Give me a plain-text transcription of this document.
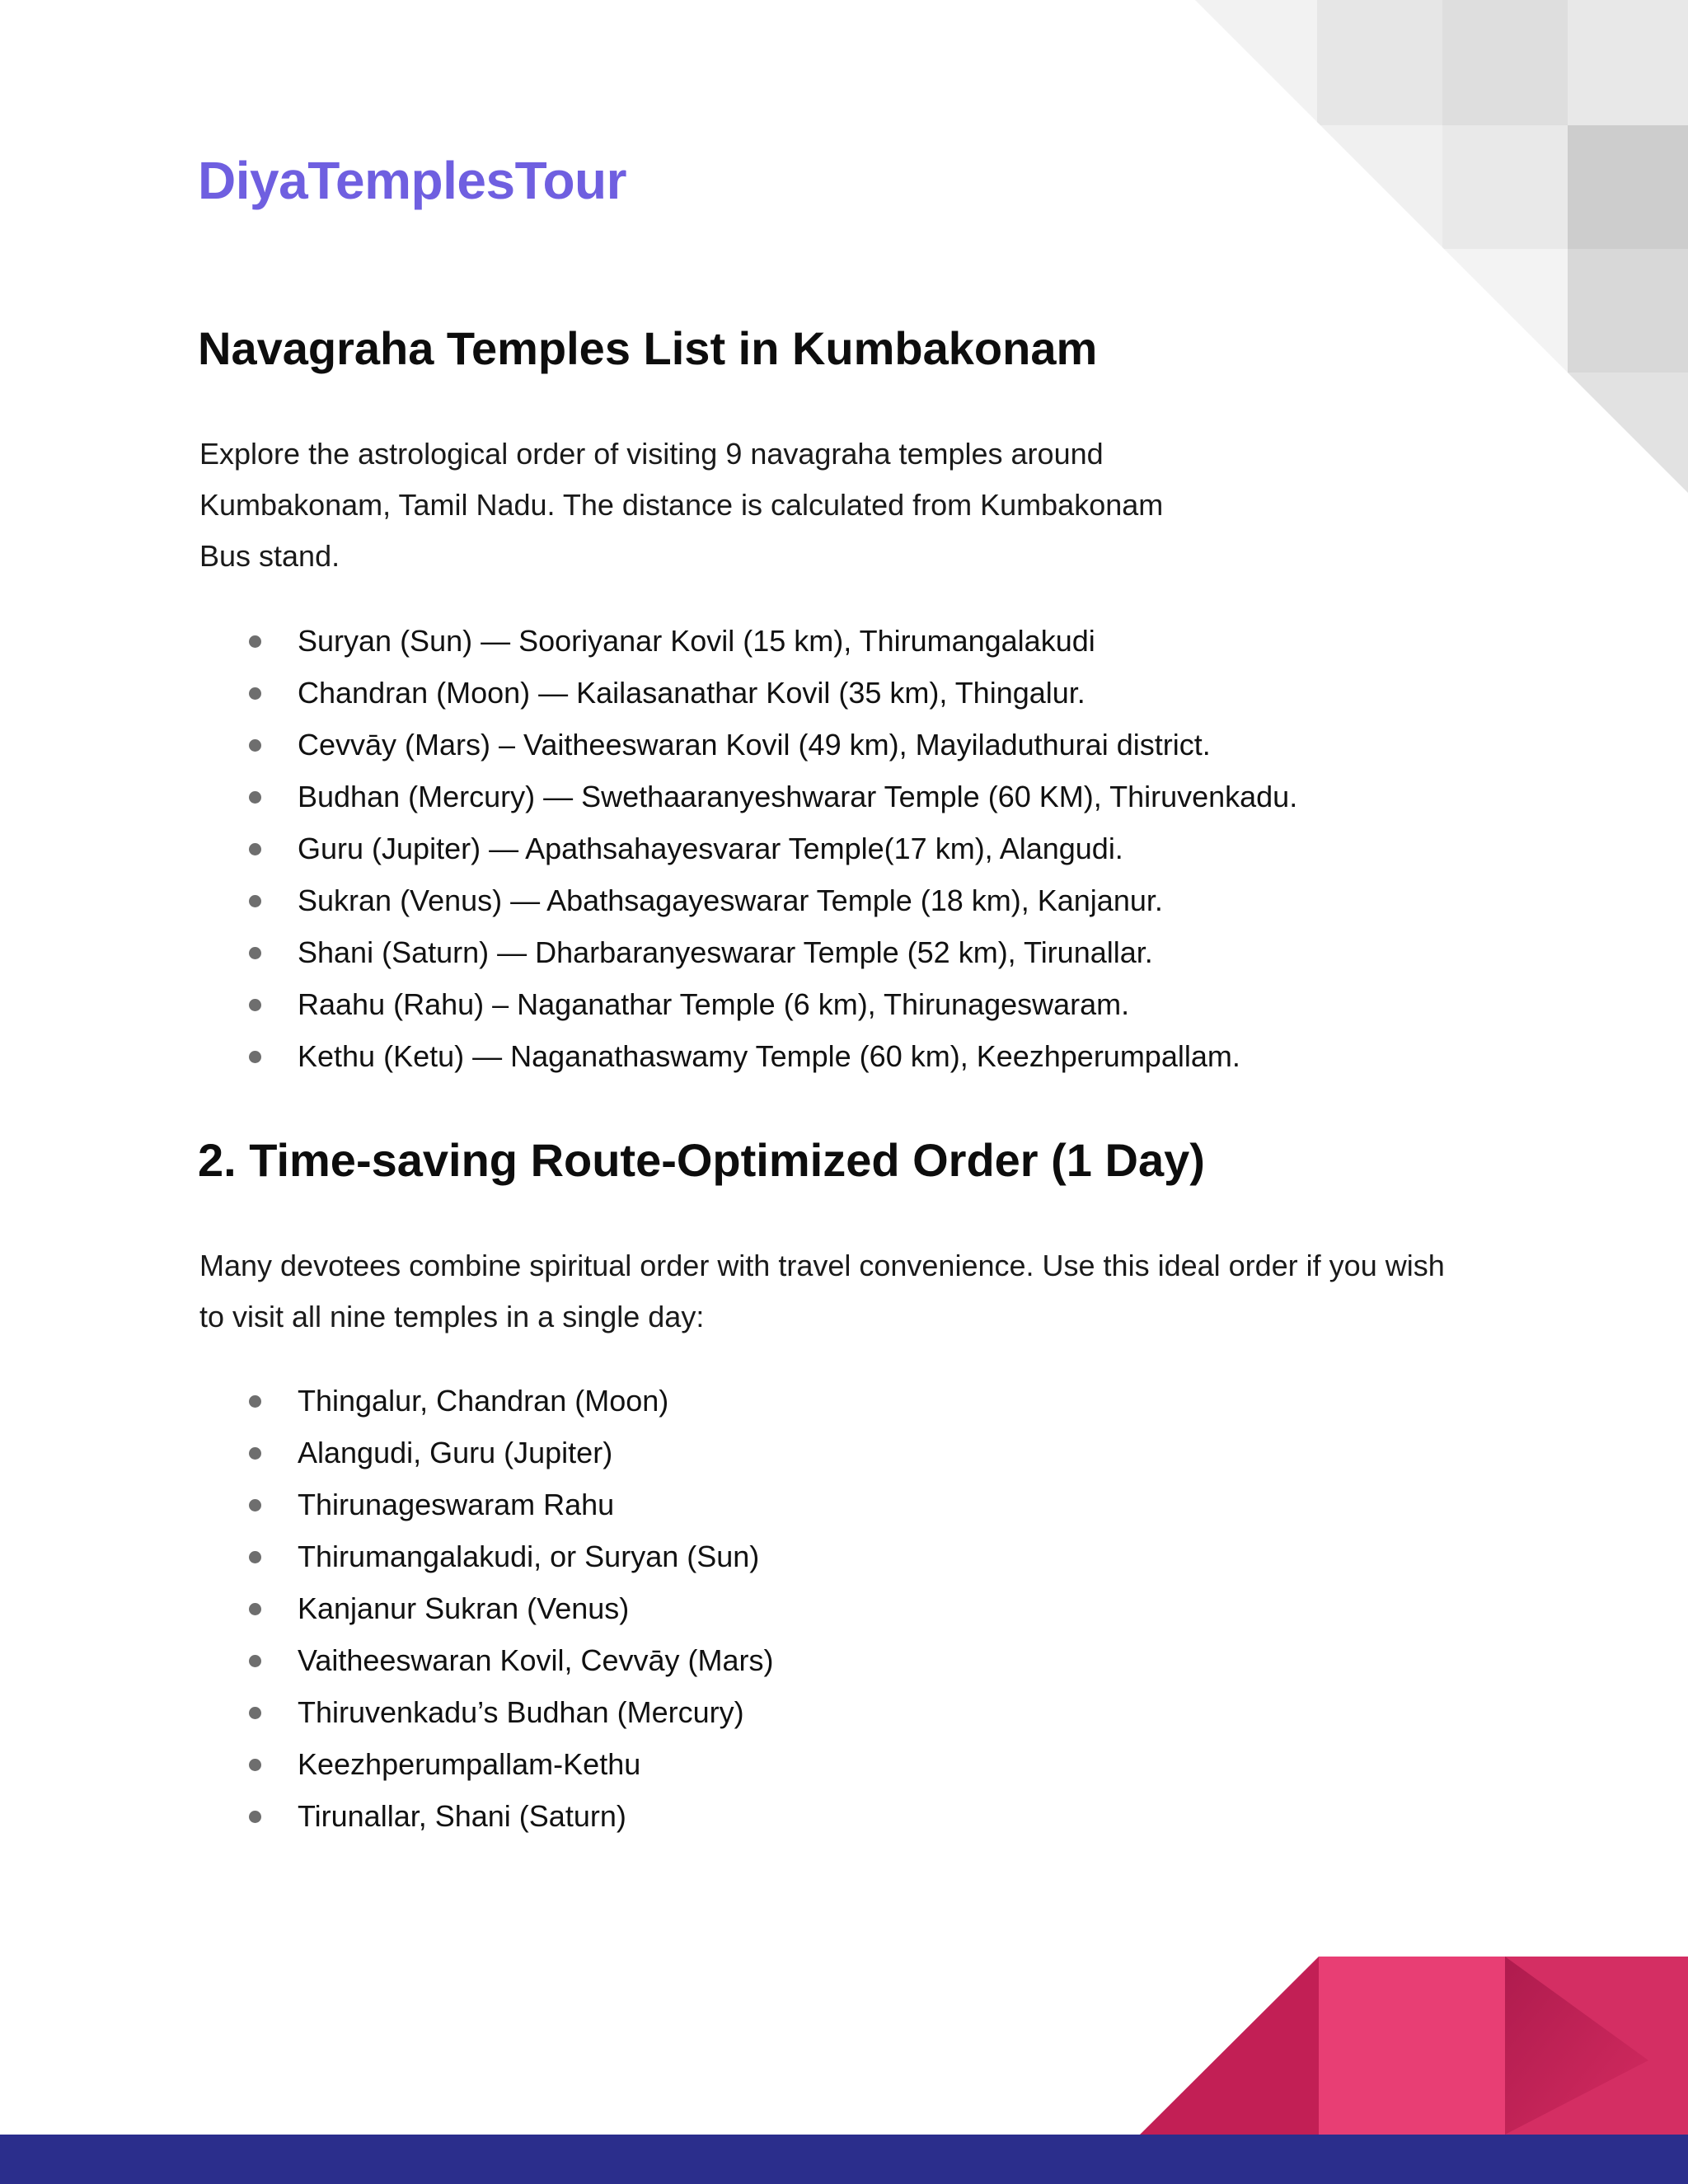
DiyaTemplesTour
Navagraha Temples List in Kumbakonam
Explore the astrological order of visiting 9 navagraha temples around
Kumbakonam, Tamil Nadu. The distance is calculated from Kumbakonam
Bus stand.
Suryan (Sun) — Sooriyanar Kovil (15 km), Thirumangalakudi
Chandran (Moon) — Kailasanathar Kovil (35 km), Thingalur.
Cevvāy (Mars) – Vaitheeswaran Kovil (49 km), Mayiladuthurai district.
Budhan (Mercury) — Swethaaranyeshwarar Temple (60 KM), Thiruvenkadu.
Guru (Jupiter) — Apathsahayesvarar Temple(17 km), Alangudi.
Sukran (Venus) — Abathsagayeswarar Temple (18 km), Kanjanur.
Shani (Saturn) — Dharbaranyeswarar Temple (52 km), Tirunallar.
Raahu (Rahu) – Naganathar Temple (6 km), Thirunageswaram.
Kethu (Ketu) — Naganathaswamy Temple (60 km), Keezhperumpallam.
2. Time-saving Route-Optimized Order (1 Day)
Many devotees combine spiritual order with travel convenience. Use this ideal order if you wish
to visit all nine temples in a single day:
Thingalur, Chandran (Moon)
Alangudi, Guru (Jupiter)
Thirunageswaram Rahu
Thirumangalakudi, or Suryan (Sun)
Kanjanur Sukran (Venus)
Vaitheeswaran Kovil, Cevvāy (Mars)
Thiruvenkadu’s Budhan (Mercury)
Keezhperumpallam-Kethu
Tirunallar, Shani (Saturn)
